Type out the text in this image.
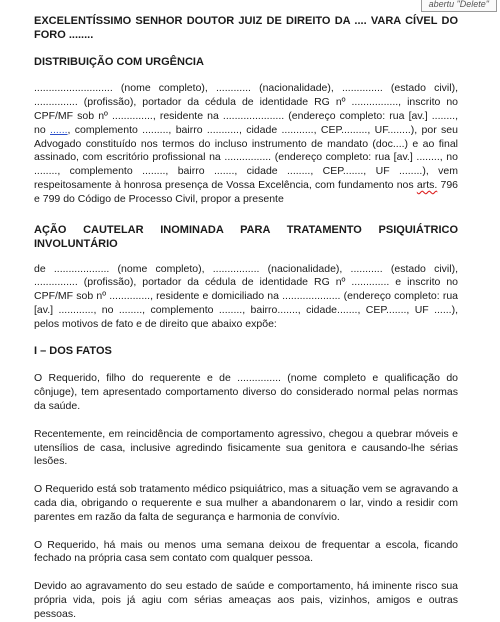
abertu "Delete"

EXCELENTÍSSIMO SENHOR DOUTOR JUIZ DE DIREITO DA .... VARA CÍVEL DO FORO ........

DISTRIBUIÇÃO COM URGÊNCIA

........................... (nome completo), ............ (nacionalidade), .............. (estado civil), ............... (profissão), portador da cédula de identidade RG nº ................, inscrito no CPF/MF sob nº .............., residente na ..................... (endereço completo: rua [av.] ........, no ......, complemento ........., bairro ..........., cidade ..........., CEP........., UF........), por seu Advogado constituído nos termos do incluso instrumento de mandato (doc....) e ao final assinado, com escritório profissional na ................ (endereço completo: rua [av.] ........, no ........, complemento ........, bairro ......., cidade ........, CEP......., UF ........), vem respeitosamente à honrosa presença de Vossa Excelência, com fundamento nos arts. 796 e 799 do Código de Processo Civil, propor a presente

AÇÃO CAUTELAR INOMINADA PARA TRATAMENTO PSIQUIÁTRICO INVOLUNTÁRIO

de ................... (nome completo), ................ (nacionalidade), ........... (estado civil), ............... (profissão), portador da cédula de identidade RG nº ............. e inscrito no CPF/MF sob nº .............., residente e domiciliado na .................... (endereço completo: rua [av.] ............, no ........, complemento ........, bairro......., cidade......., CEP......., UF ......), pelos motivos de fato e de direito que abaixo expõe:

I – DOS FATOS

O Requerido, filho do requerente e de ............... (nome completo e qualificação do cônjuge), tem apresentado comportamento diverso do considerado normal pelas normas da saúde.

Recentemente, em reincidência de comportamento agressivo, chegou a quebrar móveis e utensílios de casa, inclusive agredindo fisicamente sua genitora e causando-lhe sérias lesões.

O Requerido está sob tratamento médico psiquiátrico, mas a situação vem se agravando a cada dia, obrigando o requerente e sua mulher a abandonarem o lar, vindo a residir com parentes em razão da falta de segurança e harmonia de convívio.

O Requerido, há mais ou menos uma semana deixou de frequentar a escola, ficando fechado na própria casa sem contato com qualquer pessoa.

Devido ao agravamento do seu estado de saúde e comportamento, há iminente risco sua própria vida, pois já agiu com sérias ameaças aos pais, vizinhos, amigos e outras pessoas.
